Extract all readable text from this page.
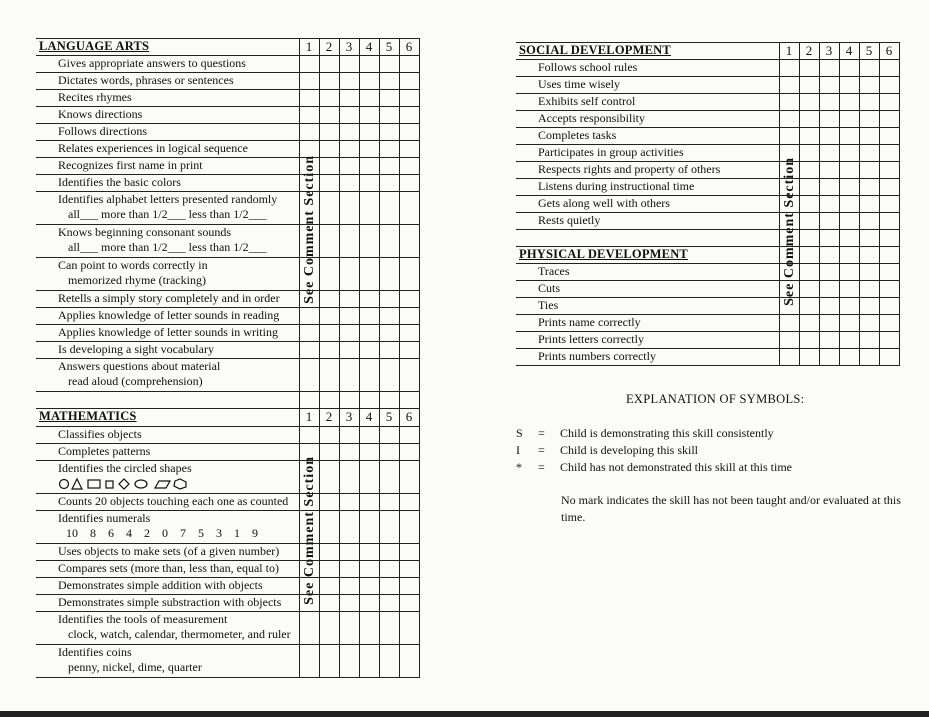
LANGUAGE ARTS	1	2	3	4	5	6
Gives appropriate answers to questions						
Dictates words, phrases or sentences						
Recites rhymes						
Knows directions						
Follows directions						
Relates experiences in logical sequence						
Recognizes first name in print						
Identifies the basic colors						
Identifies alphabet letters presented randomly
all___ more than 1/2___ less than 1/2___						

Knows beginning consonant sounds
all___ more than 1/2___ less than 1/2___						

Can point to words correctly in
memorized rhyme (tracking)						

Retells a simply story completely and in order						
Applies knowledge of letter sounds in reading						
Applies knowledge of letter sounds in writing						
Is developing a sight vocabulary						
Answers questions about material
read aloud (comprehension)						

See Comment Section
MATHEMATICS	1	2	3	4	5	6
Classifies objects						
Completes patterns						
Identifies the circled shapes

Counts 20 objects touching each one as counted						
Identifies numerals
10 8 6 4 2 0 7 5 3 1 9						

Uses objects to make sets (of a given number)						
Compares sets (more than, less than, equal to)						
Demonstrates simple addition with objects						
Demonstrates simple substraction with objects						
Identifies the tools of measurement
clock, watch, calendar, thermometer, and ruler						

Identifies coins
penny, nickel, dime, quarter						

See Comment Section
SOCIAL DEVELOPMENT	1	2	3	4	5	6
Follows school rules						
Uses time wisely						
Exhibits self control						
Accepts responsibility						
Completes tasks						
Participates in group activities						
Respects rights and property of others						
Listens during instructional time						
Gets along well with others						
Rests quietly						

PHYSICAL DEVELOPMENT						
Traces						
Cuts						
Ties						
Prints name correctly						
Prints letters correctly						
Prints numbers correctly						
See Comment Section
EXPLANATION OF SYMBOLS:
S = Child is demonstrating this skill consistently
I = Child is developing this skill
* = Child has not demonstrated this skill at this time
No mark indicates the skill has not been taught and/or evaluated at this time.
